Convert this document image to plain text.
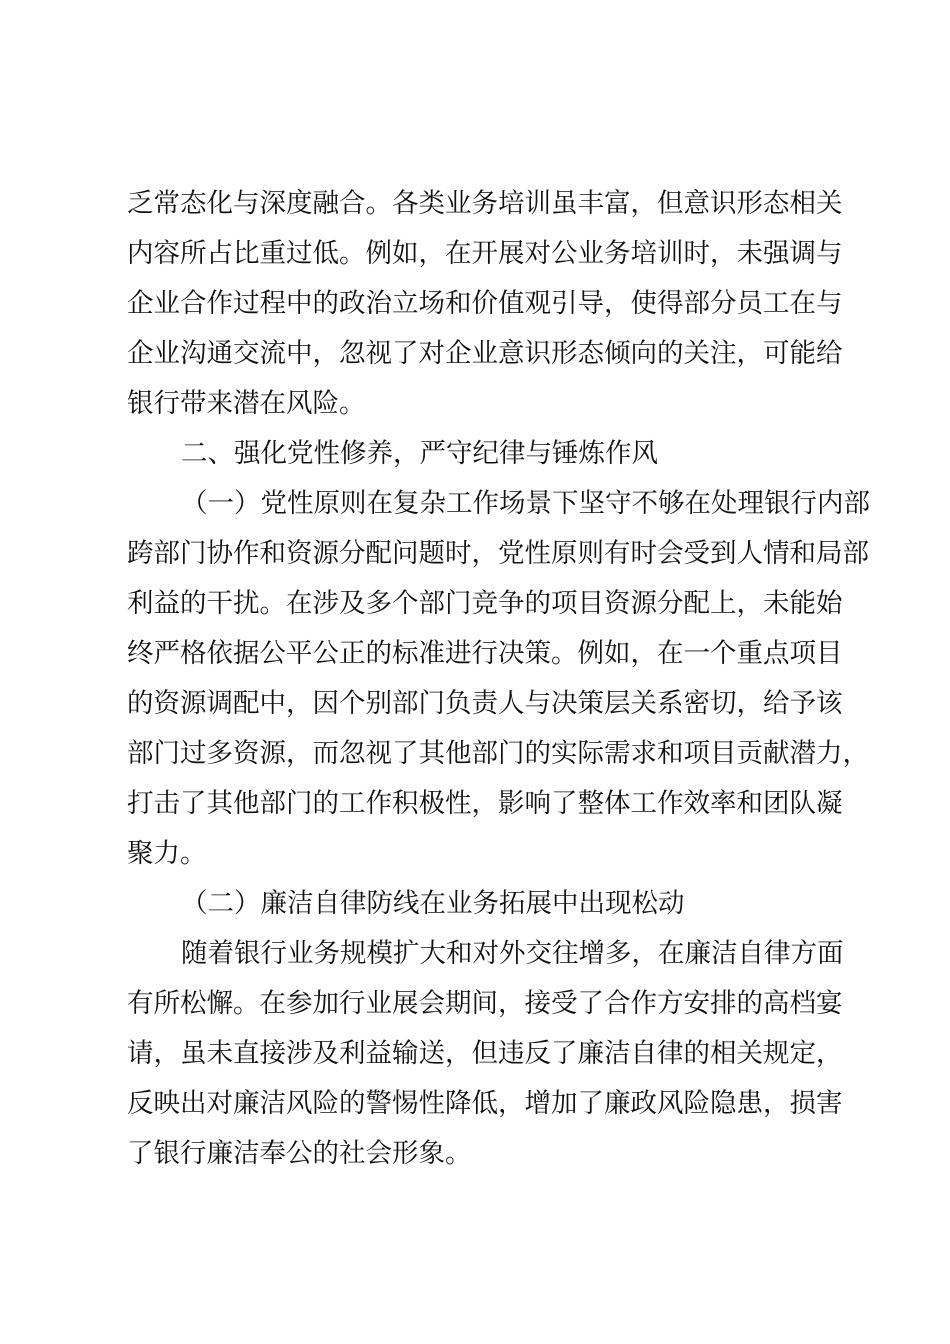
乏常态化与深度融合。各类业务培训虽丰富，但意识形态相关
内容所占比重过低。例如，在开展对公业务培训时，未强调与
企业合作过程中的政治立场和价值观引导，使得部分员工在与
企业沟通交流中，忽视了对企业意识形态倾向的关注，可能给
银行带来潜在风险。
二、强化党性修养，严守纪律与锤炼作风
（一）党性原则在复杂工作场景下坚守不够在处理银行内部
跨部门协作和资源分配问题时，党性原则有时会受到人情和局部
利益的干扰。在涉及多个部门竞争的项目资源分配上，未能始
终严格依据公平公正的标准进行决策。例如，在一个重点项目
的资源调配中，因个别部门负责人与决策层关系密切，给予该
部门过多资源，而忽视了其他部门的实际需求和项目贡献潜力，
打击了其他部门的工作积极性，影响了整体工作效率和团队凝
聚力。
（二）廉洁自律防线在业务拓展中出现松动
随着银行业务规模扩大和对外交往增多，在廉洁自律方面
有所松懈。在参加行业展会期间，接受了合作方安排的高档宴
请，虽未直接涉及利益输送，但违反了廉洁自律的相关规定，
反映出对廉洁风险的警惕性降低，增加了廉政风险隐患，损害
了银行廉洁奉公的社会形象。
